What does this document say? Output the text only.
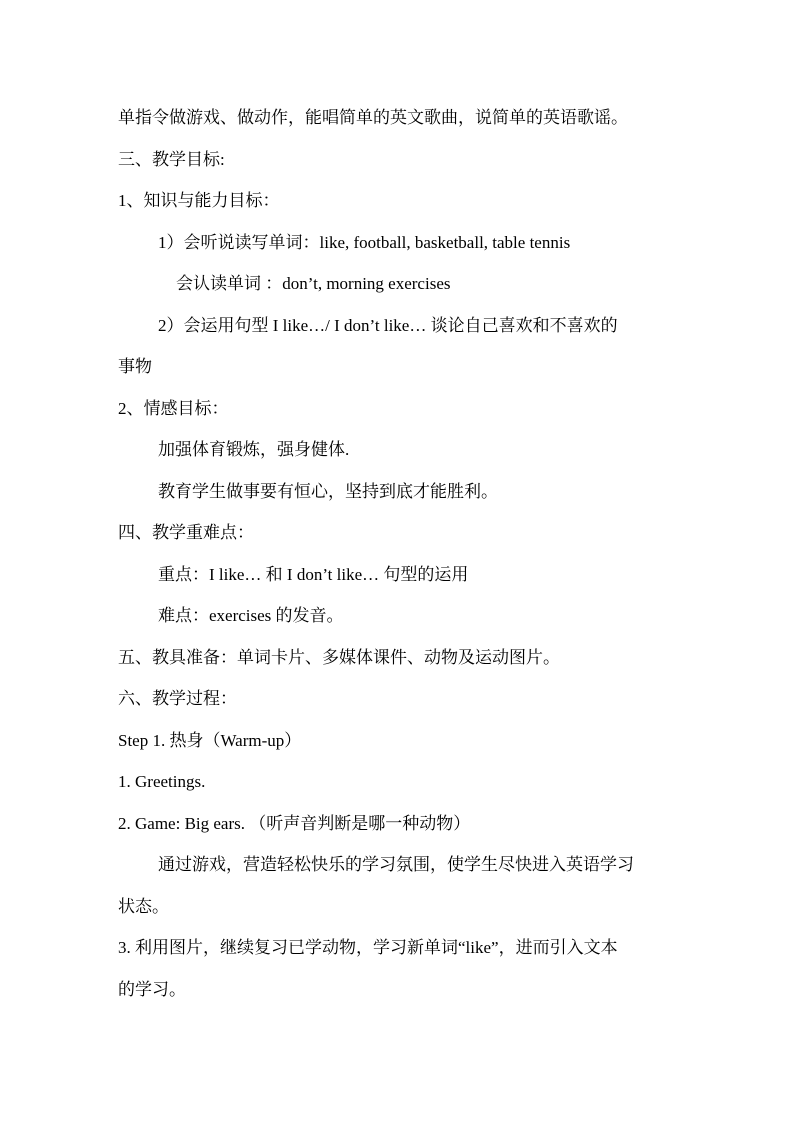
单指令做游戏、做动作，能唱简单的英文歌曲，说简单的英语歌谣。

三、教学目标:

1、知识与能力目标：

1）会听说读写单词：like, football, basketball, table tennis

会认读单词 ：don’t, morning exercises

2）会运用句型 I like…/ I don’t like… 谈论自己喜欢和不喜欢的

事物

2、情感目标：

加强体育锻炼，强身健体.

教育学生做事要有恒心，坚持到底才能胜利。

四、教学重难点：

重点：I like… 和 I don’t like… 句型的运用

难点：exercises 的发音。

五、教具准备：单词卡片、多媒体课件、动物及运动图片。

六、教学过程：

Step 1. 热身（Warm-up）

1. Greetings.

2. Game: Big ears. （听声音判断是哪一种动物）

通过游戏，营造轻松快乐的学习氛围，使学生尽快进入英语学习

状态。

3. 利用图片，继续复习已学动物，学习新单词“like”，进而引入文本

的学习。
